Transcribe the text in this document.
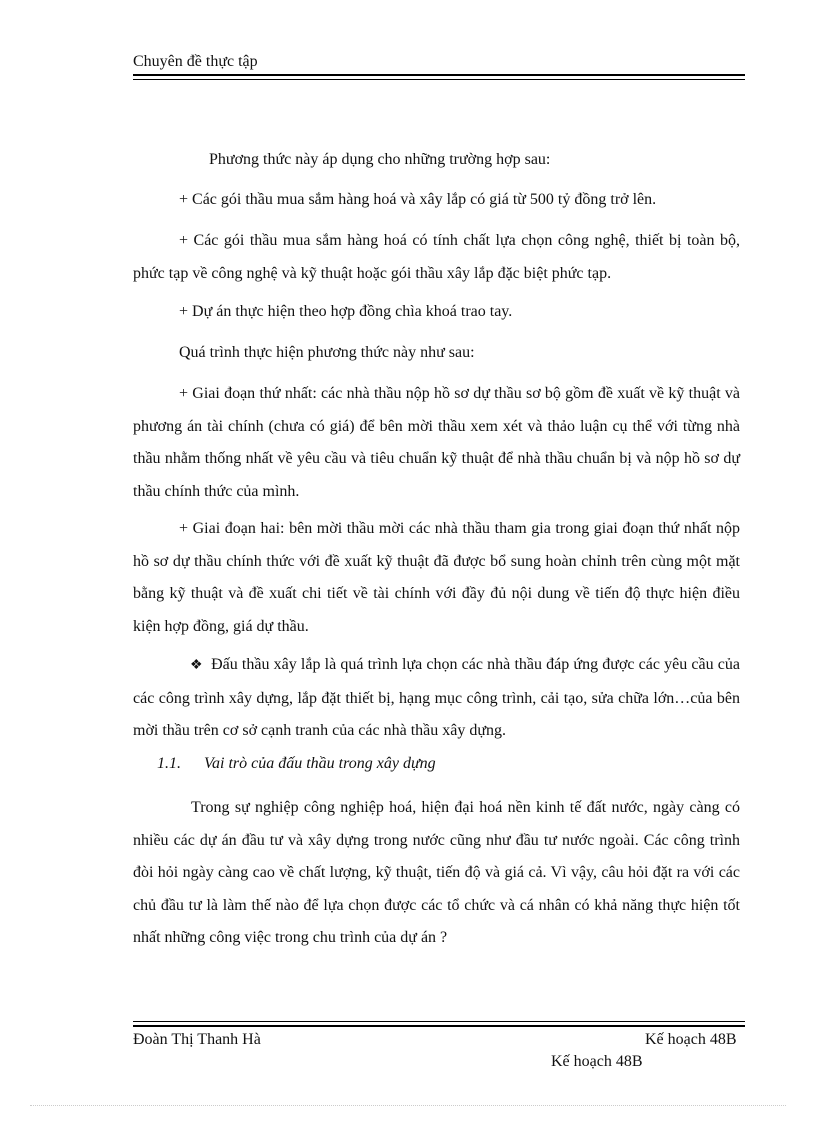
Chuyên đề thực tập

Phương thức này áp dụng cho những trường hợp sau:

+ Các gói thầu mua sắm hàng hoá và xây lắp có giá từ 500 tỷ đồng trở lên.

+ Các gói thầu mua sắm hàng hoá có tính chất lựa chọn công nghệ, thiết bị toàn bộ, phức tạp về công nghệ và kỹ thuật hoặc gói thầu xây lắp đặc biệt phức tạp.

+ Dự án thực hiện theo hợp đồng chìa khoá trao tay.

Quá trình thực hiện phương thức này như sau:

+ Giai đoạn thứ nhất: các nhà thầu nộp hồ sơ dự thầu sơ bộ gồm đề xuất về kỹ thuật và phương án tài chính (chưa có giá) để bên mời thầu xem xét và thảo luận cụ thể với từng nhà thầu nhằm thống nhất về yêu cầu và tiêu chuẩn kỹ thuật để nhà thầu chuẩn bị và nộp hồ sơ dự thầu chính thức của mình.

+ Giai đoạn hai: bên mời thầu mời các nhà thầu tham gia trong giai đoạn thứ nhất nộp hồ sơ dự thầu chính thức với đề xuất kỹ thuật đã được bổ sung hoàn chỉnh trên cùng một mặt bằng kỹ thuật và đề xuất chi tiết về tài chính với đầy đủ nội dung về tiến độ thực hiện điều kiện hợp đồng, giá dự thầu.

❖ Đấu thầu xây lắp là quá trình lựa chọn các nhà thầu đáp ứng được các yêu cầu của các công trình xây dựng, lắp đặt thiết bị, hạng mục công trình, cải tạo, sửa chữa lớn…của bên mời thầu trên cơ sở cạnh tranh của các nhà thầu xây dựng.

1.1. Vai trò của đấu thầu trong xây dựng

Trong sự nghiệp công nghiệp hoá, hiện đại hoá nền kinh tế đất nước, ngày càng có nhiều các dự án đầu tư và xây dựng trong nước cũng như đầu tư nước ngoài. Các công trình đòi hỏi ngày càng cao về chất lượng, kỹ thuật, tiến độ và giá cả. Vì vậy, câu hỏi đặt ra với các chủ đầu tư là làm thế nào để lựa chọn được các tổ chức và cá nhân có khả năng thực hiện tốt nhất những công việc trong chu trình của dự án ?

Đoàn Thị Thanh Hà	Kế hoạch 48B
Kế hoạch 48B
